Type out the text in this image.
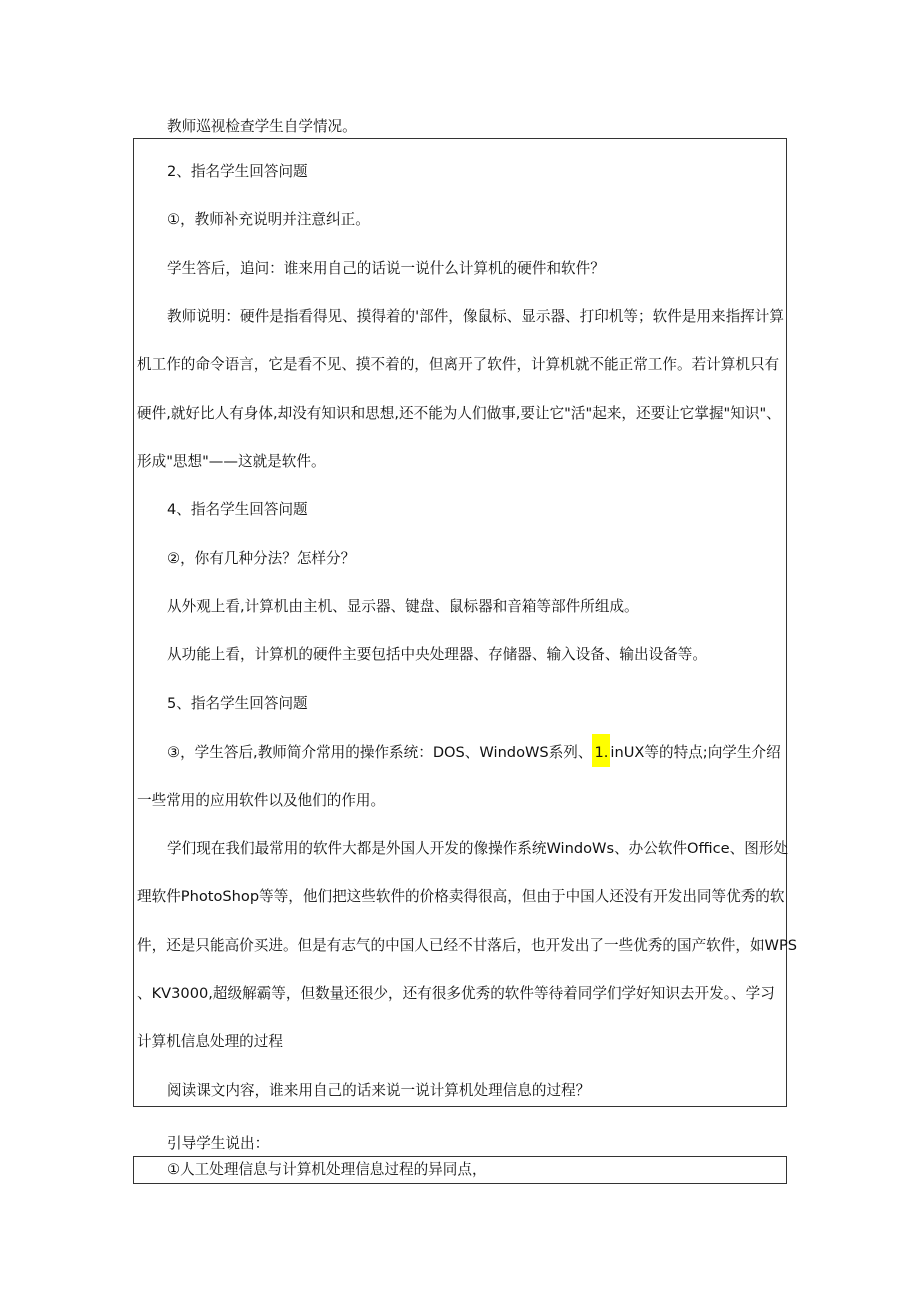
教师巡视检查学生自学情况。
2、指名学生回答问题
①，教师补充说明并注意纠正。
学生答后，追问：谁来用自己的话说一说什么计算机的硬件和软件？
教师说明：硬件是指看得见、摸得着的'部件，像鼠标、显示器、打印机等；软件是用来指挥计算
机工作的命令语言，它是看不见、摸不着的，但离开了软件，计算机就不能正常工作。若计算机只有
硬件,就好比人有身体,却没有知识和思想,还不能为人们做事,要让它"活"起来，还要让它掌握"知识"、
形成"思想"——这就是软件。
4、指名学生回答问题
②，你有几种分法？怎样分？
从外观上看,计算机由主机、显示器、键盘、鼠标器和音箱等部件所组成。
从功能上看，计算机的硬件主要包括中央处理器、存储器、输入设备、输出设备等。
5、指名学生回答问题
③，学生答后,教师简介常用的操作系统：DOS、WindoWS系列、 1. inUX等的特点;向学生介绍
一些常用的应用软件以及他们的作用。
学们现在我们最常用的软件大都是外国人开发的像操作系统WindoWs、办公软件Office、图形处
理软件PhotoShop等等，他们把这些软件的价格卖得很高，但由于中国人还没有开发出同等优秀的软
件，还是只能高价买进。但是有志气的中国人已经不甘落后，也开发出了一些优秀的国产软件，如WPS
、KV3000,超级解霸等，但数量还很少，还有很多优秀的软件等待着同学们学好知识去开发。、学习
计算机信息处理的过程
阅读课文内容，谁来用自己的话来说一说计算机处理信息的过程？
引导学生说出：
①人工处理信息与计算机处理信息过程的异同点，
